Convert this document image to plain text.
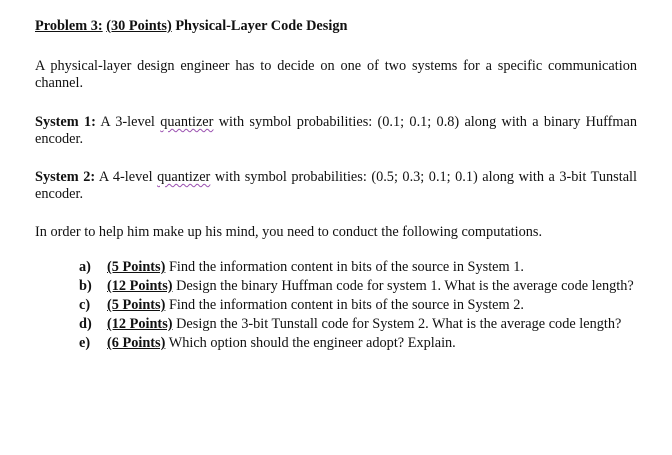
Problem 3: (30 Points) Physical-Layer Code Design

A physical-layer design engineer has to decide on one of two systems for a specific communication channel.

System 1: A 3-level quantizer with symbol probabilities: (0.1; 0.1; 0.8) along with a binary Huffman encoder.

System 2: A 4-level quantizer with symbol probabilities: (0.5; 0.3; 0.1; 0.1) along with a 3-bit Tunstall encoder.

In order to help him make up his mind, you need to conduct the following computations.

a) (5 Points) Find the information content in bits of the source in System 1.
b) (12 Points) Design the binary Huffman code for system 1. What is the average code length?
c) (5 Points) Find the information content in bits of the source in System 2.
d) (12 Points) Design the 3-bit Tunstall code for System 2. What is the average code length?
e) (6 Points) Which option should the engineer adopt? Explain.
